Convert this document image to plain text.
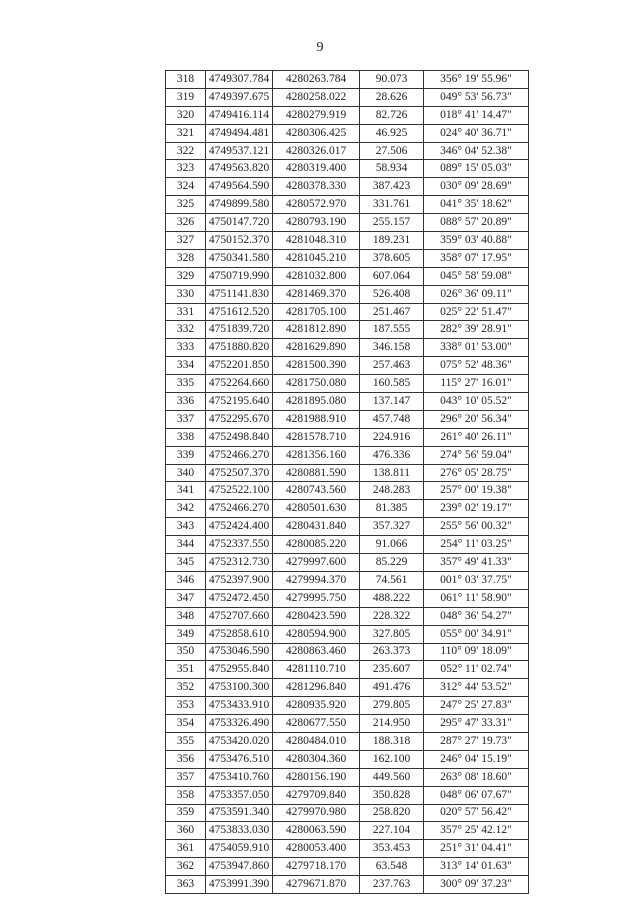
9
318	4749307.784	4280263.784	90.073	356° 19' 55.96"
319	4749397.675	4280258.022	28.626	049° 53' 56.73"
320	4749416.114	4280279.919	82.726	018° 41' 14.47"
321	4749494.481	4280306.425	46.925	024° 40' 36.71"
322	4749537.121	4280326.017	27.506	346° 04' 52.38"
323	4749563.820	4280319.400	58.934	089° 15' 05.03"
324	4749564.590	4280378.330	387.423	030° 09' 28.69"
325	4749899.580	4280572.970	331.761	041° 35' 18.62"
326	4750147.720	4280793.190	255.157	088° 57' 20.89"
327	4750152.370	4281048.310	189.231	359° 03' 40.88"
328	4750341.580	4281045.210	378.605	358° 07' 17.95"
329	4750719.990	4281032.800	607.064	045° 58' 59.08"
330	4751141.830	4281469.370	526.408	026° 36' 09.11"
331	4751612.520	4281705.100	251.467	025° 22' 51.47"
332	4751839.720	4281812.890	187.555	282° 39' 28.91"
333	4751880.820	4281629.890	346.158	338° 01' 53.00"
334	4752201.850	4281500.390	257.463	075° 52' 48.36"
335	4752264.660	4281750.080	160.585	115° 27' 16.01"
336	4752195.640	4281895.080	137.147	043° 10' 05.52"
337	4752295.670	4281988.910	457.748	296° 20' 56.34"
338	4752498.840	4281578.710	224.916	261° 40' 26.11"
339	4752466.270	4281356.160	476.336	274° 56' 59.04"
340	4752507.370	4280881.590	138.811	276° 05' 28.75"
341	4752522.100	4280743.560	248.283	257° 00' 19.38"
342	4752466.270	4280501.630	81.385	239° 02' 19.17"
343	4752424.400	4280431.840	357.327	255° 56' 00.32"
344	4752337.550	4280085.220	91.066	254° 11' 03.25"
345	4752312.730	4279997.600	85.229	357° 49' 41.33"
346	4752397.900	4279994.370	74.561	001° 03' 37.75"
347	4752472.450	4279995.750	488.222	061° 11' 58.90"
348	4752707.660	4280423.590	228.322	048° 36' 54.27"
349	4752858.610	4280594.900	327.805	055° 00' 34.91"
350	4753046.590	4280863.460	263.373	110° 09' 18.09"
351	4752955.840	4281110.710	235.607	052° 11' 02.74"
352	4753100.300	4281296.840	491.476	312° 44' 53.52"
353	4753433.910	4280935.920	279.805	247° 25' 27.83"
354	4753326.490	4280677.550	214.950	295° 47' 33.31"
355	4753420.020	4280484.010	188.318	287° 27' 19.73"
356	4753476.510	4280304.360	162.100	246° 04' 15.19"
357	4753410.760	4280156.190	449.560	263° 08' 18.60"
358	4753357.050	4279709.840	350.828	048° 06' 07.67"
359	4753591.340	4279970.980	258.820	020° 57' 56.42"
360	4753833.030	4280063.590	227.104	357° 25' 42.12"
361	4754059.910	4280053.400	353.453	251° 31' 04.41"
362	4753947.860	4279718.170	63.548	313° 14' 01.63"
363	4753991.390	4279671.870	237.763	300° 09' 37.23"
